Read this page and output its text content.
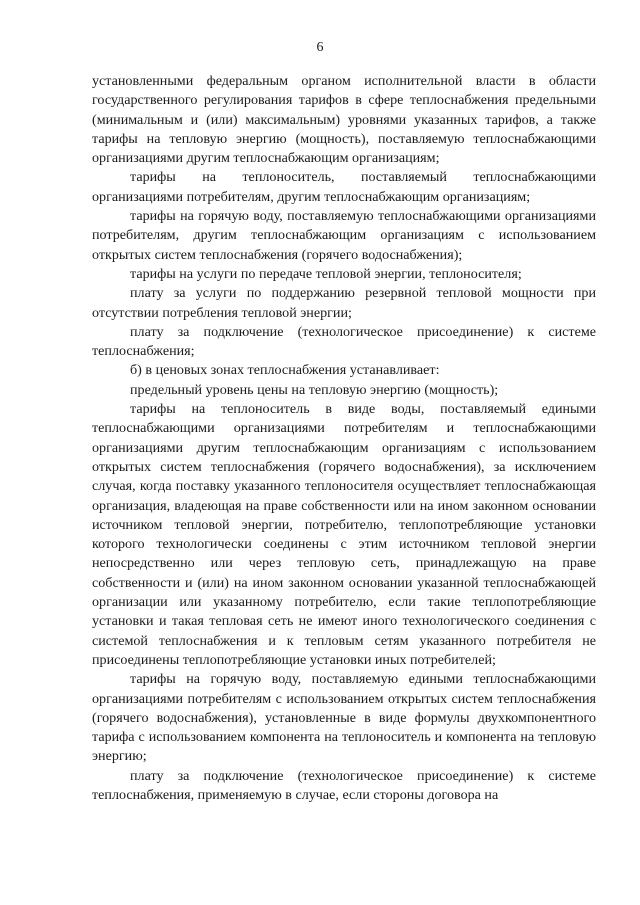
6

установленными федеральным органом исполнительной власти в области государственного регулирования тарифов в сфере теплоснабжения предельными (минимальным и (или) максимальным) уровнями указанных тарифов, а также тарифы на тепловую энергию (мощность), поставляемую теплоснабжающими организациями другим теплоснабжающим организациям;

тарифы на теплоноситель, поставляемый теплоснабжающими организациями потребителям, другим теплоснабжающим организациям;

тарифы на горячую воду, поставляемую теплоснабжающими организациями потребителям, другим теплоснабжающим организациям с использованием открытых систем теплоснабжения (горячего водоснабжения);

тарифы на услуги по передаче тепловой энергии, теплоносителя;

плату за услуги по поддержанию резервной тепловой мощности при отсутствии потребления тепловой энергии;

плату за подключение (технологическое присоединение) к системе теплоснабжения;

б) в ценовых зонах теплоснабжения устанавливает:

предельный уровень цены на тепловую энергию (мощность);

тарифы на теплоноситель в виде воды, поставляемый едиными теплоснабжающими организациями потребителям и теплоснабжающими организациями другим теплоснабжающим организациям с использованием открытых систем теплоснабжения (горячего водоснабжения), за исключением случая, когда поставку указанного теплоносителя осуществляет теплоснабжающая организация, владеющая на праве собственности или на ином законном основании источником тепловой энергии, потребителю, теплопотребляющие установки которого технологически соединены с этим источником тепловой энергии непосредственно или через тепловую сеть, принадлежащую на праве собственности и (или) на ином законном основании указанной теплоснабжающей организации или указанному потребителю, если такие теплопотребляющие установки и такая тепловая сеть не имеют иного технологического соединения с системой теплоснабжения и к тепловым сетям указанного потребителя не присоединены теплопотребляющие установки иных потребителей;

тарифы на горячую воду, поставляемую едиными теплоснабжающими организациями потребителям с использованием открытых систем теплоснабжения (горячего водоснабжения), установленные в виде формулы двухкомпонентного тарифа с использованием компонента на теплоноситель и компонента на тепловую энергию;

плату за подключение (технологическое присоединение) к системе теплоснабжения, применяемую в случае, если стороны договора на
